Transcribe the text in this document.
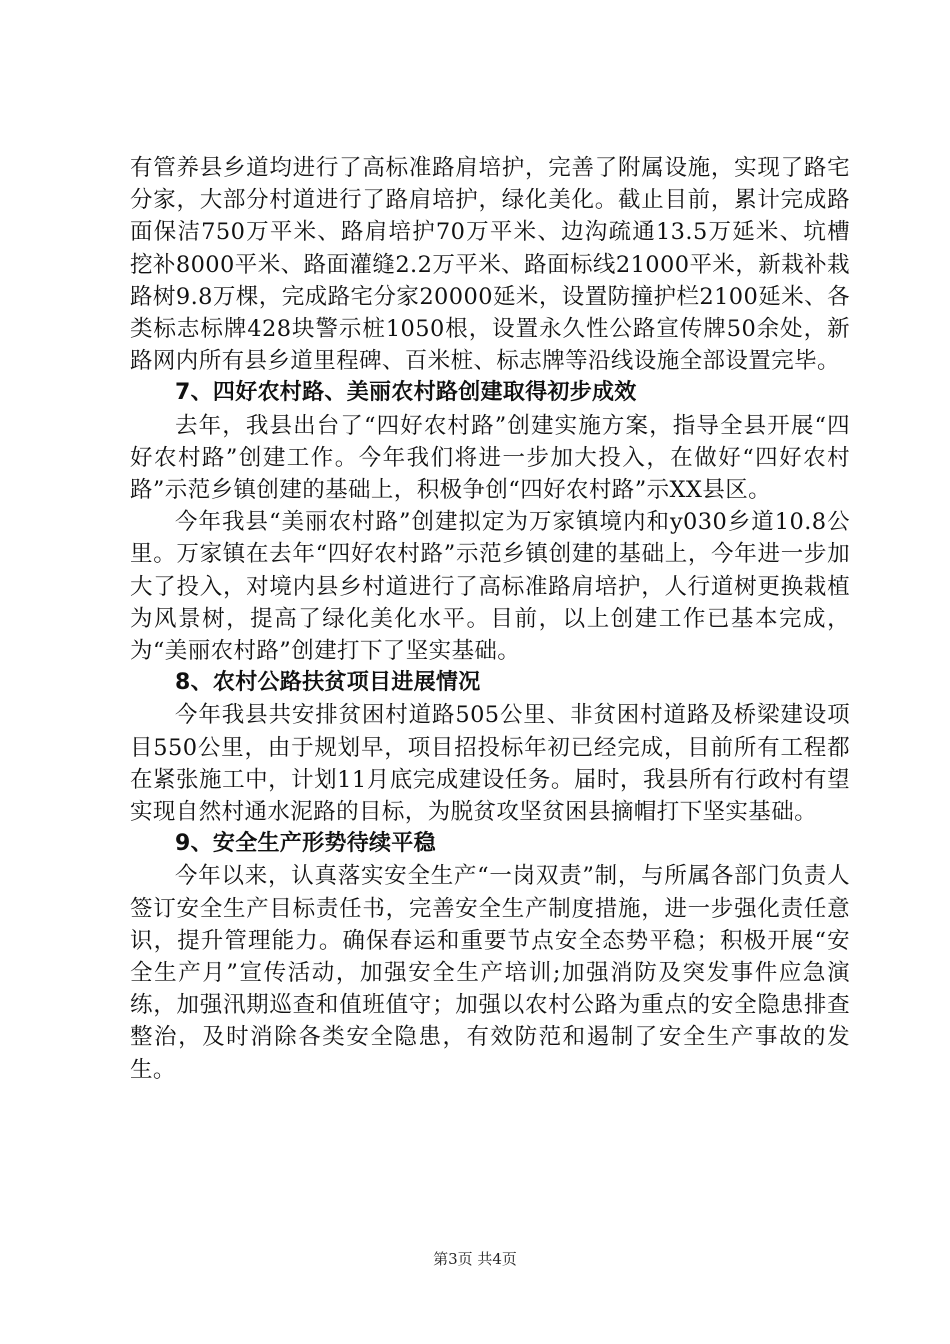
有管养县乡道均进行了高标准路肩培护，完善了附属设施，实现了路宅分家，大部分村道进行了路肩培护，绿化美化。截止目前，累计完成路面保洁750万平米、路肩培护70万平米、边沟疏通13.5万延米、坑槽挖补8000平米、路面灌缝2.2万平米、路面标线21000平米，新栽补栽路树9.8万棵，完成路宅分家20000延米，设置防撞护栏2100延米、各类标志标牌428块警示桩1050根，设置永久性公路宣传牌50余处，新路网内所有县乡道里程碑、百米桩、标志牌等沿线设施全部设置完毕。

7、四好农村路、美丽农村路创建取得初步成效

去年，我县出台了“四好农村路”创建实施方案，指导全县开展“四好农村路”创建工作。今年我们将进一步加大投入，在做好“四好农村路”示范乡镇创建的基础上，积极争创“四好农村路”示XX县区。

今年我县“美丽农村路”创建拟定为万家镇境内和y030乡道10.8公里。万家镇在去年“四好农村路”示范乡镇创建的基础上，今年进一步加大了投入，对境内县乡村道进行了高标准路肩培护，人行道树更换栽植为风景树，提高了绿化美化水平。目前，以上创建工作已基本完成，为“美丽农村路”创建打下了坚实基础。

8、农村公路扶贫项目进展情况

今年我县共安排贫困村道路505公里、非贫困村道路及桥梁建设项目550公里，由于规划早，项目招投标年初已经完成，目前所有工程都在紧张施工中，计划11月底完成建设任务。届时，我县所有行政村有望实现自然村通水泥路的目标，为脱贫攻坚贫困县摘帽打下坚实基础。

9、安全生产形势待续平稳

今年以来，认真落实安全生产“一岗双责”制，与所属各部门负责人签订安全生产目标责任书，完善安全生产制度措施，进一步强化责任意识，提升管理能力。确保春运和重要节点安全态势平稳；积极开展“安全生产月”宣传活动，加强安全生产培训;加强消防及突发事件应急演练，加强汛期巡查和值班值守；加强以农村公路为重点的安全隐患排查整治，及时消除各类安全隐患，有效防范和遏制了安全生产事故的发生。

第3页 共4页
